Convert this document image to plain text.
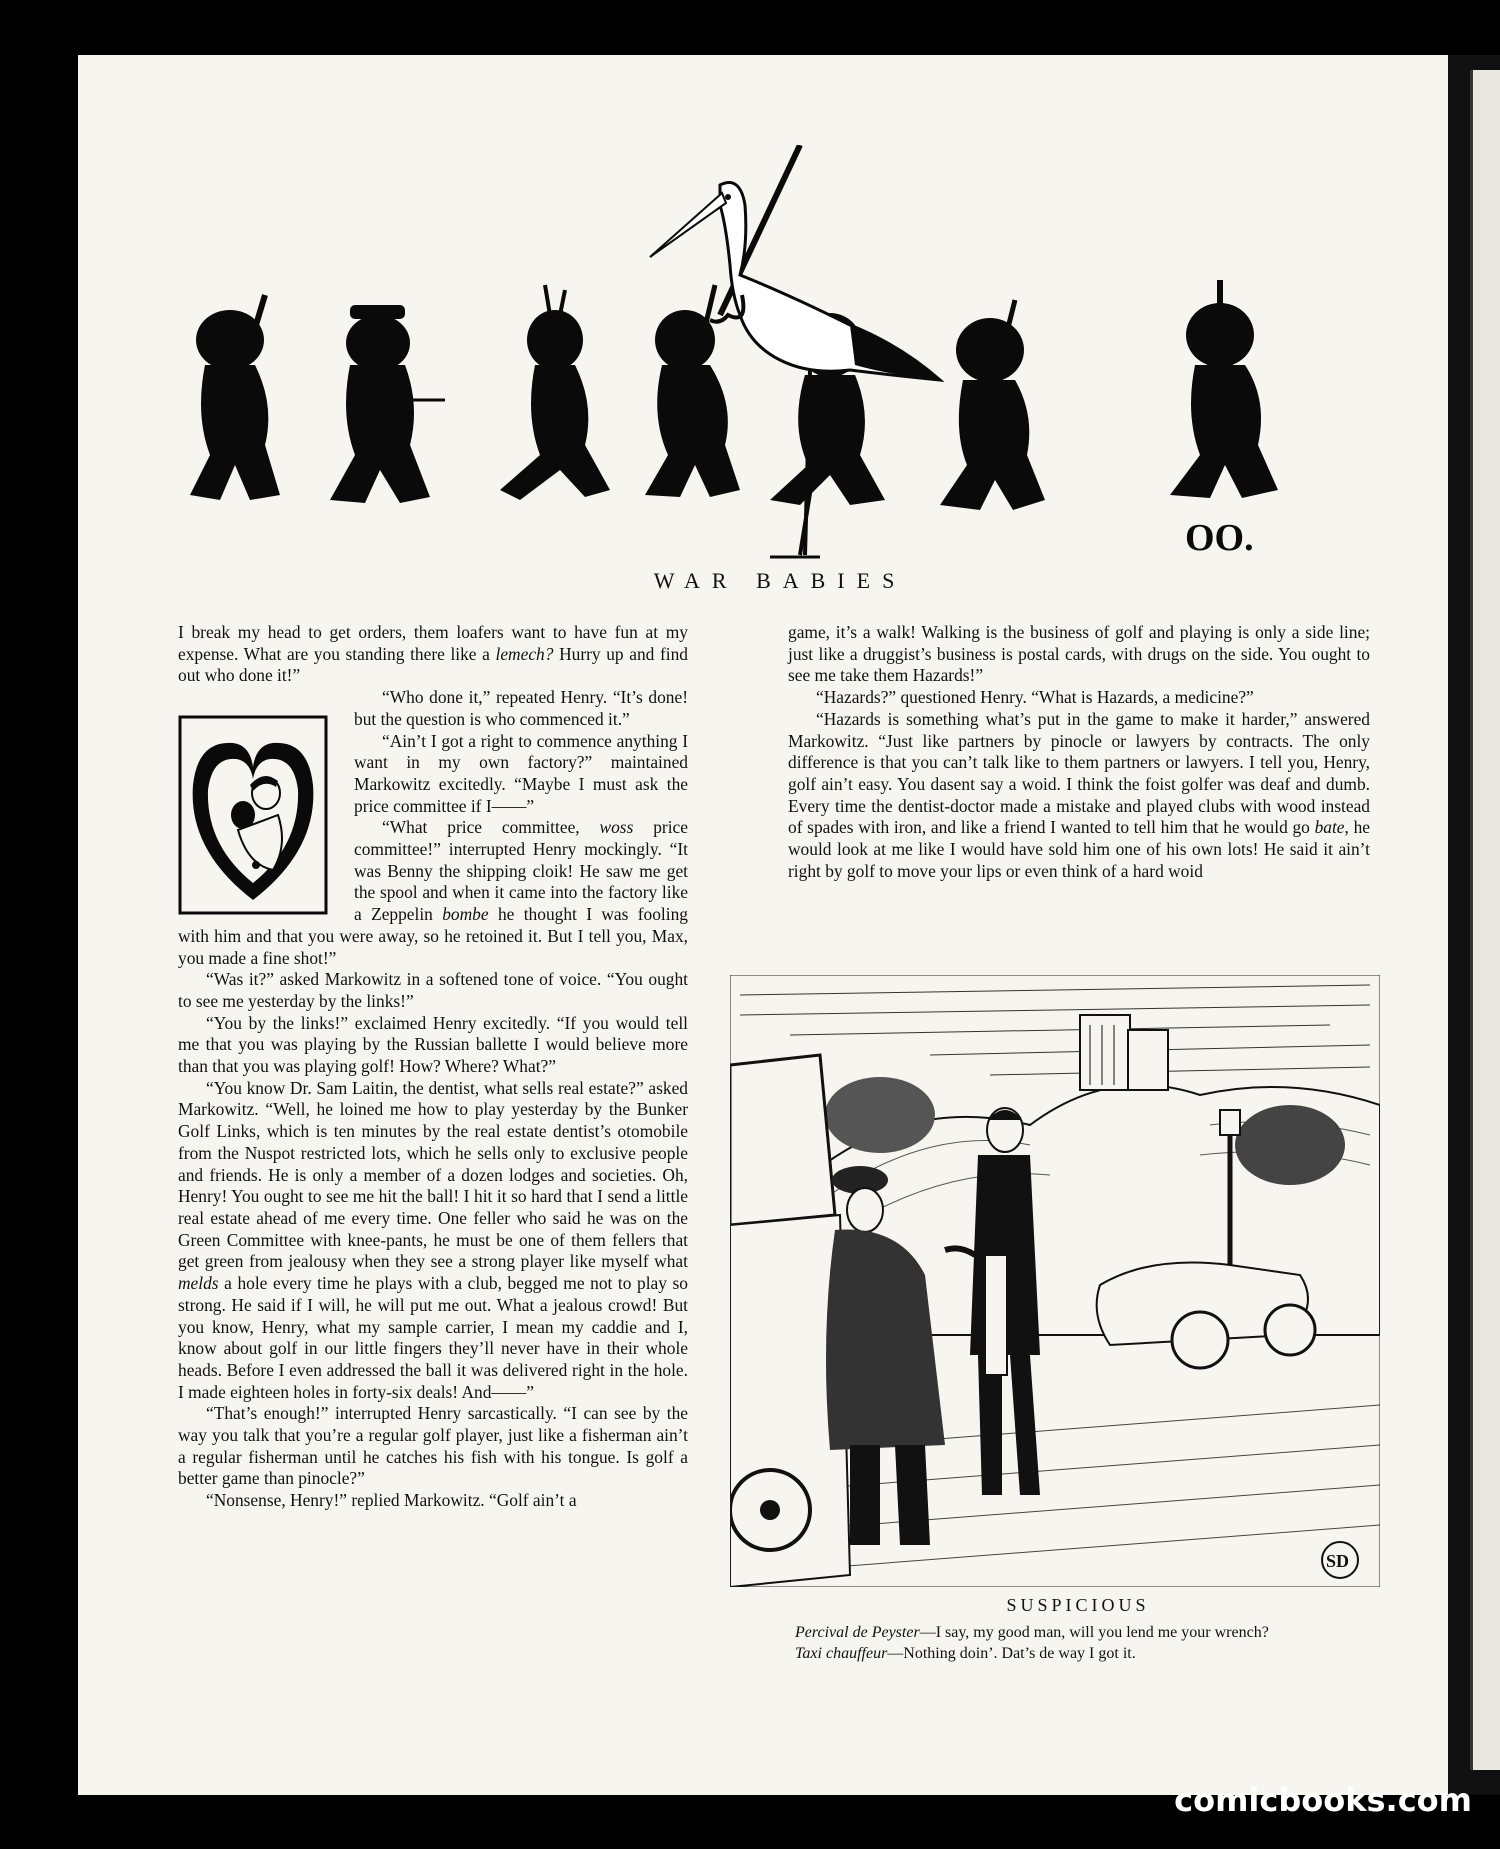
OO.
WAR BABIES

I break my head to get orders, them loafers want to have fun at my expense. What are you standing there like a lemech? Hurry up and find out who done it!”

“Who done it,” repeated Henry. “It’s done! but the question is who commenced it.”

“Ain’t I got a right to commence anything I want in my own factory?” maintained Markowitz excitedly. “Maybe I must ask the price committee if I——”

“What price committee, woss price committee!” interrupted Henry mockingly. “It was Benny the shipping cloik! He saw me get the spool and when it came into the factory like a Zeppelin bombe he thought I was fooling with him and that you were away, so he retoined it. But I tell you, Max, you made a fine shot!”

“Was it?” asked Markowitz in a softened tone of voice. “You ought to see me yesterday by the links!”

“You by the links!” exclaimed Henry excitedly. “If you would tell me that you was playing by the Russian ballette I would believe more than that you was playing golf! How? Where? What?”

“You know Dr. Sam Laitin, the dentist, what sells real estate?” asked Markowitz. “Well, he loined me how to play yesterday by the Bunker Golf Links, which is ten minutes by the real estate dentist’s otomobile from the Nuspot restricted lots, which he sells only to exclusive people and friends. He is only a member of a dozen lodges and societies. Oh, Henry! You ought to see me hit the ball! I hit it so hard that I send a little real estate ahead of me every time. One feller who said he was on the Green Committee with knee-pants, he must be one of them fellers that get green from jealousy when they see a strong player like myself what melds a hole every time he plays with a club, begged me not to play so strong. He said if I will, he will put me out. What a jealous crowd! But you know, Henry, what my sample carrier, I mean my caddie and I, know about golf in our little fingers they’ll never have in their whole heads. Before I even addressed the ball it was delivered right in the hole. I made eighteen holes in forty-six deals! And——”

“That’s enough!” interrupted Henry sarcastically. “I can see by the way you talk that you’re a regular golf player, just like a fisherman ain’t a regular fisherman until he catches his fish with his tongue. Is golf a better game than pinocle?”

“Nonsense, Henry!” replied Markowitz. “Golf ain’t a

game, it’s a walk! Walking is the business of golf and playing is only a side line; just like a druggist’s business is postal cards, with drugs on the side. You ought to see me take them Hazards!”

“Hazards?” questioned Henry. “What is Hazards, a medicine?”

“Hazards is something what’s put in the game to make it harder,” answered Markowitz. “Just like partners by pinocle or lawyers by contracts. The only difference is that you can’t talk like to them partners or lawyers. I tell you, Henry, golf ain’t easy. You dasent say a woid. I think the foist golfer was deaf and dumb. Every time the dentist-doctor made a mistake and played clubs with wood instead of spades with iron, and like a friend I wanted to tell him that he would go bate, he would look at me like I would have sold him one of his own lots! He said it ain’t right by golf to move your lips or even think of a hard woid

SD
SUSPICIOUS
Percival de Peyster—I say, my good man, will you lend me your wrench?
Taxi chauffeur—Nothing doin’. Dat’s de way I got it.
comicbooks.com
